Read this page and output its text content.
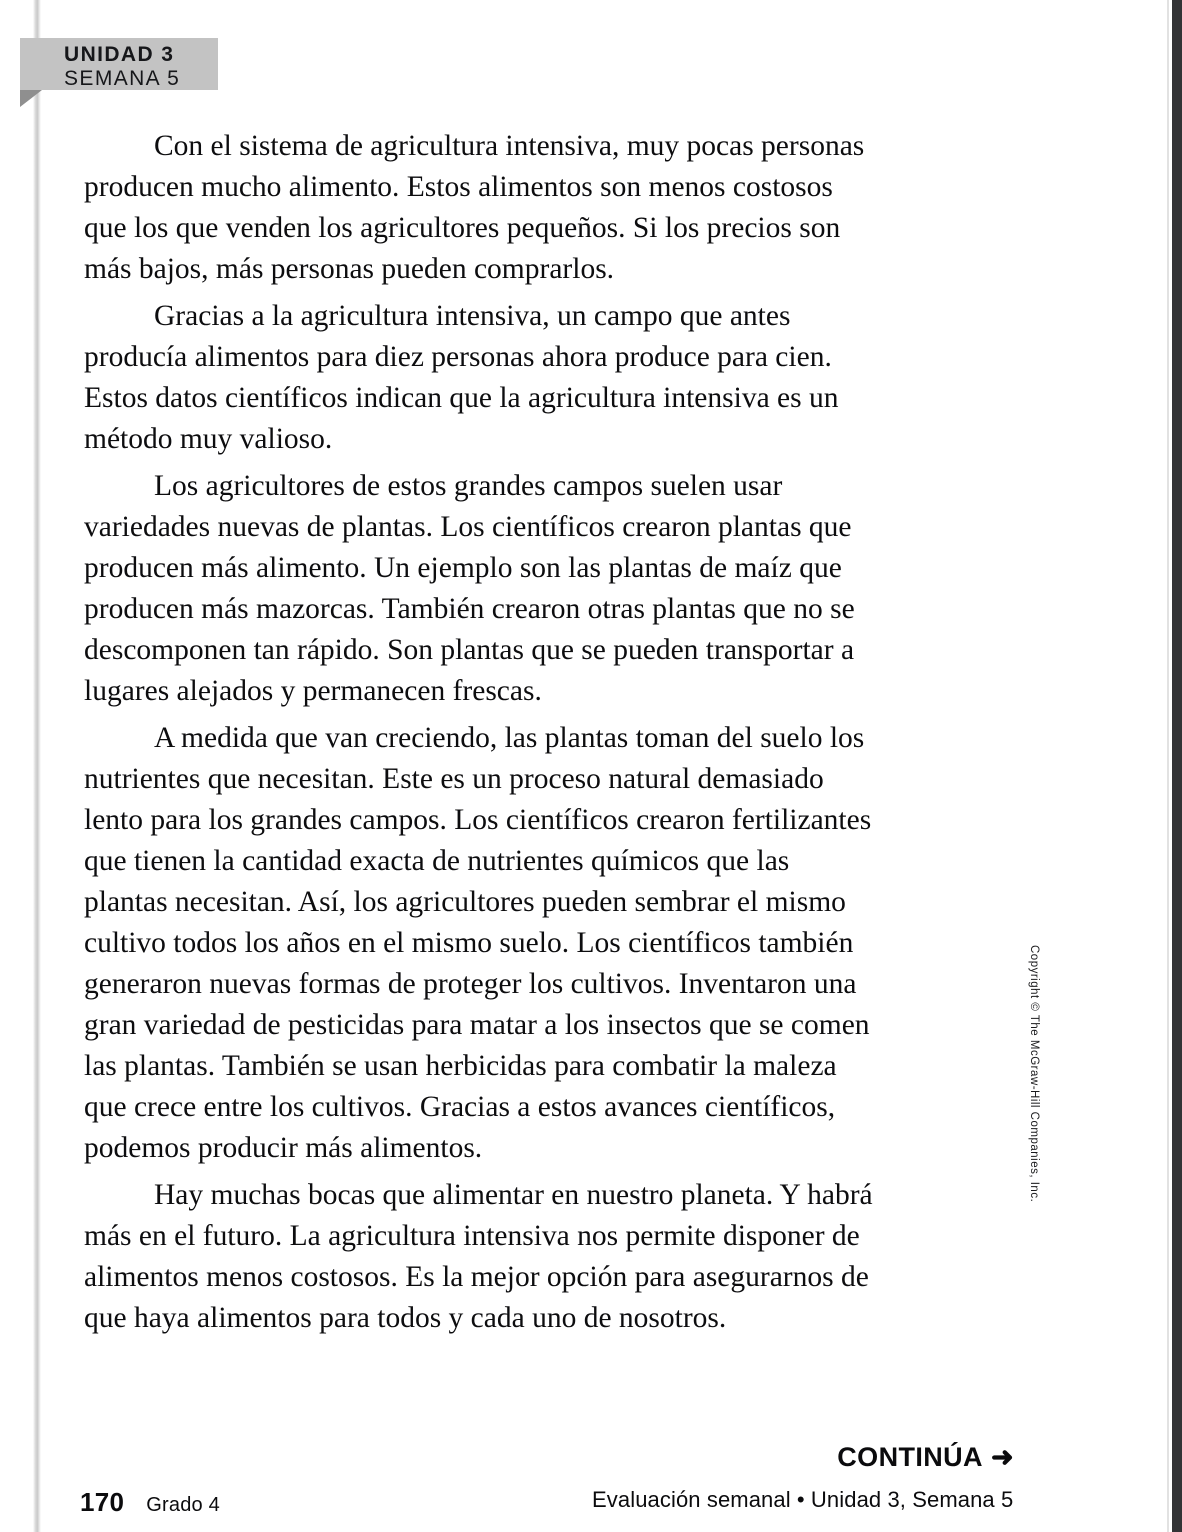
UNIDAD 3
SEMANA 5

Con el sistema de agricultura intensiva, muy pocas personas producen mucho alimento. Estos alimentos son menos costosos que los que venden los agricultores pequeños. Si los precios son más bajos, más personas pueden comprarlos.

Gracias a la agricultura intensiva, un campo que antes producía alimentos para diez personas ahora produce para cien. Estos datos científicos indican que la agricultura intensiva es un método muy valioso.

Los agricultores de estos grandes campos suelen usar variedades nuevas de plantas. Los científicos crearon plantas que producen más alimento. Un ejemplo son las plantas de maíz que producen más mazorcas. También crearon otras plantas que no se descomponen tan rápido. Son plantas que se pueden transportar a lugares alejados y permanecen frescas.

A medida que van creciendo, las plantas toman del suelo los nutrientes que necesitan. Este es un proceso natural demasiado lento para los grandes campos. Los científicos crearon fertilizantes que tienen la cantidad exacta de nutrientes químicos que las plantas necesitan. Así, los agricultores pueden sembrar el mismo cultivo todos los años en el mismo suelo. Los científicos también generaron nuevas formas de proteger los cultivos. Inventaron una gran variedad de pesticidas para matar a los insectos que se comen las plantas. También se usan herbicidas para combatir la maleza que crece entre los cultivos. Gracias a estos avances científicos, podemos producir más alimentos.

Hay muchas bocas que alimentar en nuestro planeta. Y habrá más en el futuro. La agricultura intensiva nos permite disponer de alimentos menos costosos. Es la mejor opción para asegurarnos de que haya alimentos para todos y cada uno de nosotros.

Copyright © The McGraw-Hill Companies, Inc.
CONTINÚA ➜
170 Grado 4	Evaluación semanal • Unidad 3, Semana 5
